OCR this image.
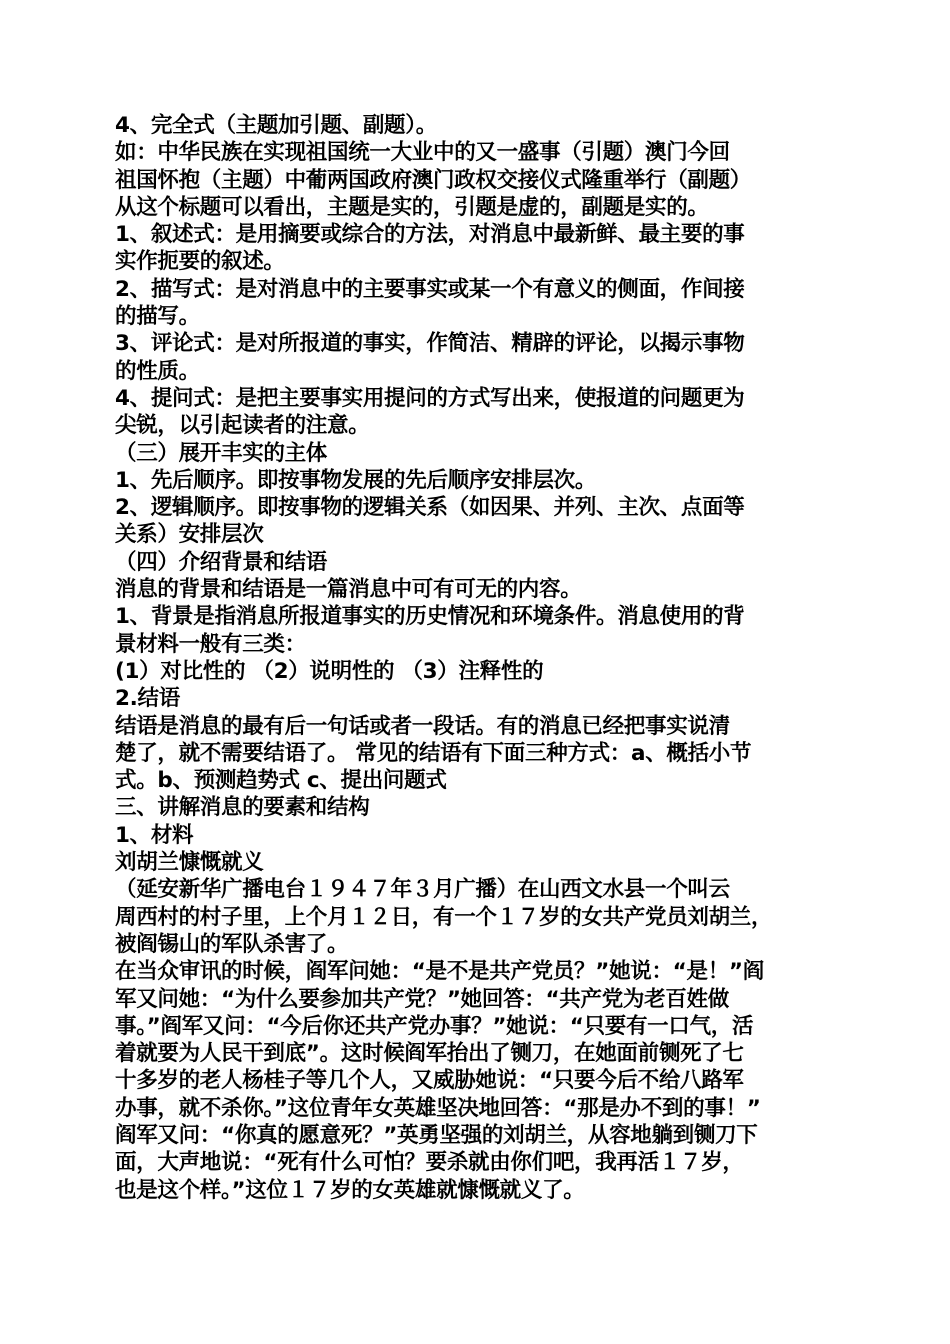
4、完全式（主题加引题、副题）。
如：中华民族在实现祖国统一大业中的又一盛事（引题）澳门今回
祖国怀抱（主题）中葡两国政府澳门政权交接仪式隆重举行（副题）
从这个标题可以看出，主题是实的，引题是虚的，副题是实的。
1、叙述式：是用摘要或综合的方法，对消息中最新鲜、最主要的事
实作扼要的叙述。
2、描写式：是对消息中的主要事实或某一个有意义的侧面，作间接
的描写。
3、评论式：是对所报道的事实，作简洁、精辟的评论，以揭示事物
的性质。
4、提问式：是把主要事实用提问的方式写出来，使报道的问题更为
尖锐，以引起读者的注意。
（三）展开丰实的主体
1、先后顺序。即按事物发展的先后顺序安排层次。
2、逻辑顺序。即按事物的逻辑关系（如因果、并列、主次、点面等
关系）安排层次
（四）介绍背景和结语
消息的背景和结语是一篇消息中可有可无的内容。
1、背景是指消息所报道事实的历史情况和环境条件。消息使用的背
景材料一般有三类：
(1）对比性的 （2）说明性的 （3）注释性的
2.结语
结语是消息的最有后一句话或者一段话。有的消息已经把事实说清
楚了，就不需要结语了。 常见的结语有下面三种方式：a、概括小节
式。b、预测趋势式 c、提出问题式
三、讲解消息的要素和结构
1、材料
刘胡兰慷慨就义
（延安新华广播电台１９４７年３月广播）在山西文水县一个叫云
周西村的村子里，上个月１２日，有一个１７岁的女共产党员刘胡兰，
被阎锡山的军队杀害了。
在当众审讯的时候，阎军问她：“是不是共产党员？”她说：“是！”阎
军又问她：“为什么要参加共产党？”她回答：“共产党为老百姓做
事。”阎军又问：“今后你还共产党办事？”她说：“只要有一口气，活
着就要为人民干到底”。这时候阎军抬出了铡刀，在她面前铡死了七
十多岁的老人杨桂子等几个人，又威胁她说：“只要今后不给八路军
办事，就不杀你。”这位青年女英雄坚决地回答：“那是办不到的事！”
阎军又问：“你真的愿意死？”英勇坚强的刘胡兰，从容地躺到铡刀下
面，大声地说：“死有什么可怕？要杀就由你们吧，我再活１７岁，
也是这个样。”这位１７岁的女英雄就慷慨就义了。
